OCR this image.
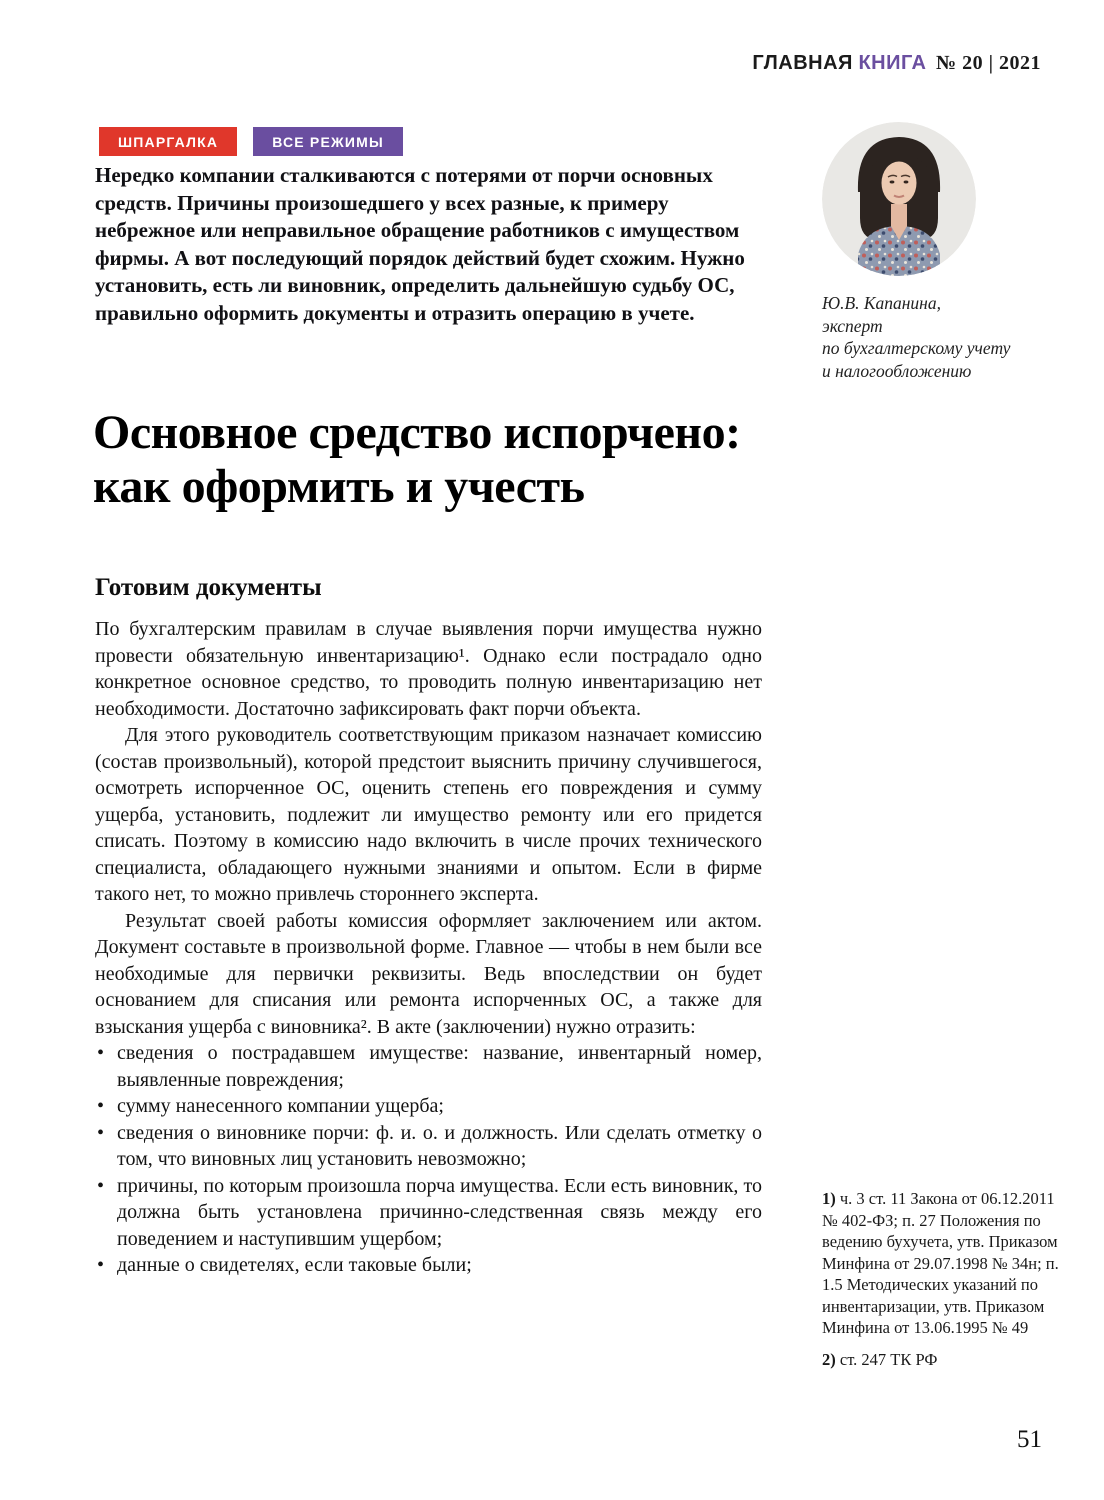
ГЛАВНАЯ КНИГА № 20 | 2021
ШПАРГАЛКА	ВСЕ РЕЖИМЫ
Нередко компании сталкиваются с потерями от порчи основных средств. Причины произошедшего у всех разные, к примеру небрежное или неправильное обращение работников с имуществом фирмы. А вот последующий порядок действий будет схожим. Нужно установить, есть ли виновник, определить дальнейшую судьбу ОС, правильно оформить документы и отразить операцию в учете.	Ю.В. Капанина,
эксперт
по бухгалтерскому учету
и налогообложению
Основное средство испорчено:
как оформить и учесть
Готовим документы

По бухгалтерским правилам в случае выявления порчи имущества нужно провести обязательную инвентаризацию¹. Однако если пострадало одно конкретное основное средство, то проводить полную инвентаризацию нет необходимости. Достаточно зафиксировать факт порчи объекта.

Для этого руководитель соответствующим приказом назначает комиссию (состав произвольный), которой предстоит выяснить причину случившегося, осмотреть испорченное ОС, оценить степень его повреждения и сумму ущерба, установить, подлежит ли имущество ремонту или его придется списать. Поэтому в комиссию надо включить в числе прочих технического специалиста, обладающего нужными знаниями и опытом. Если в фирме такого нет, то можно привлечь стороннего эксперта.

Результат своей работы комиссия оформляет заключением или актом. Документ составьте в произвольной форме. Главное — чтобы в нем были все необходимые для первички реквизиты. Ведь впоследствии он будет основанием для списания или ремонта испорченных ОС, а также для взыскания ущерба с виновника². В акте (заключении) нужно отразить:

• сведения о пострадавшем имуществе: название, инвентарный номер, выявленные повреждения;
• сумму нанесенного компании ущерба;
• сведения о виновнике порчи: ф. и. о. и должность. Или сделать отметку о том, что виновных лиц установить невозможно;
• причины, по которым произошла порча имущества. Если есть виновник, то должна быть установлена причинно-следственная связь между его поведением и наступившим ущербом;
• данные о свидетелях, если таковые были;

1) ч. 3 ст. 11 Закона от 06.12.2011 № 402-ФЗ; п. 27 Положения по ведению бухучета, утв. Приказом Минфина от 29.07.1998 № 34н; п. 1.5 Методических указаний по инвентаризации, утв. Приказом Минфина от 13.06.1995 № 49

2) ст. 247 ТК РФ

51
